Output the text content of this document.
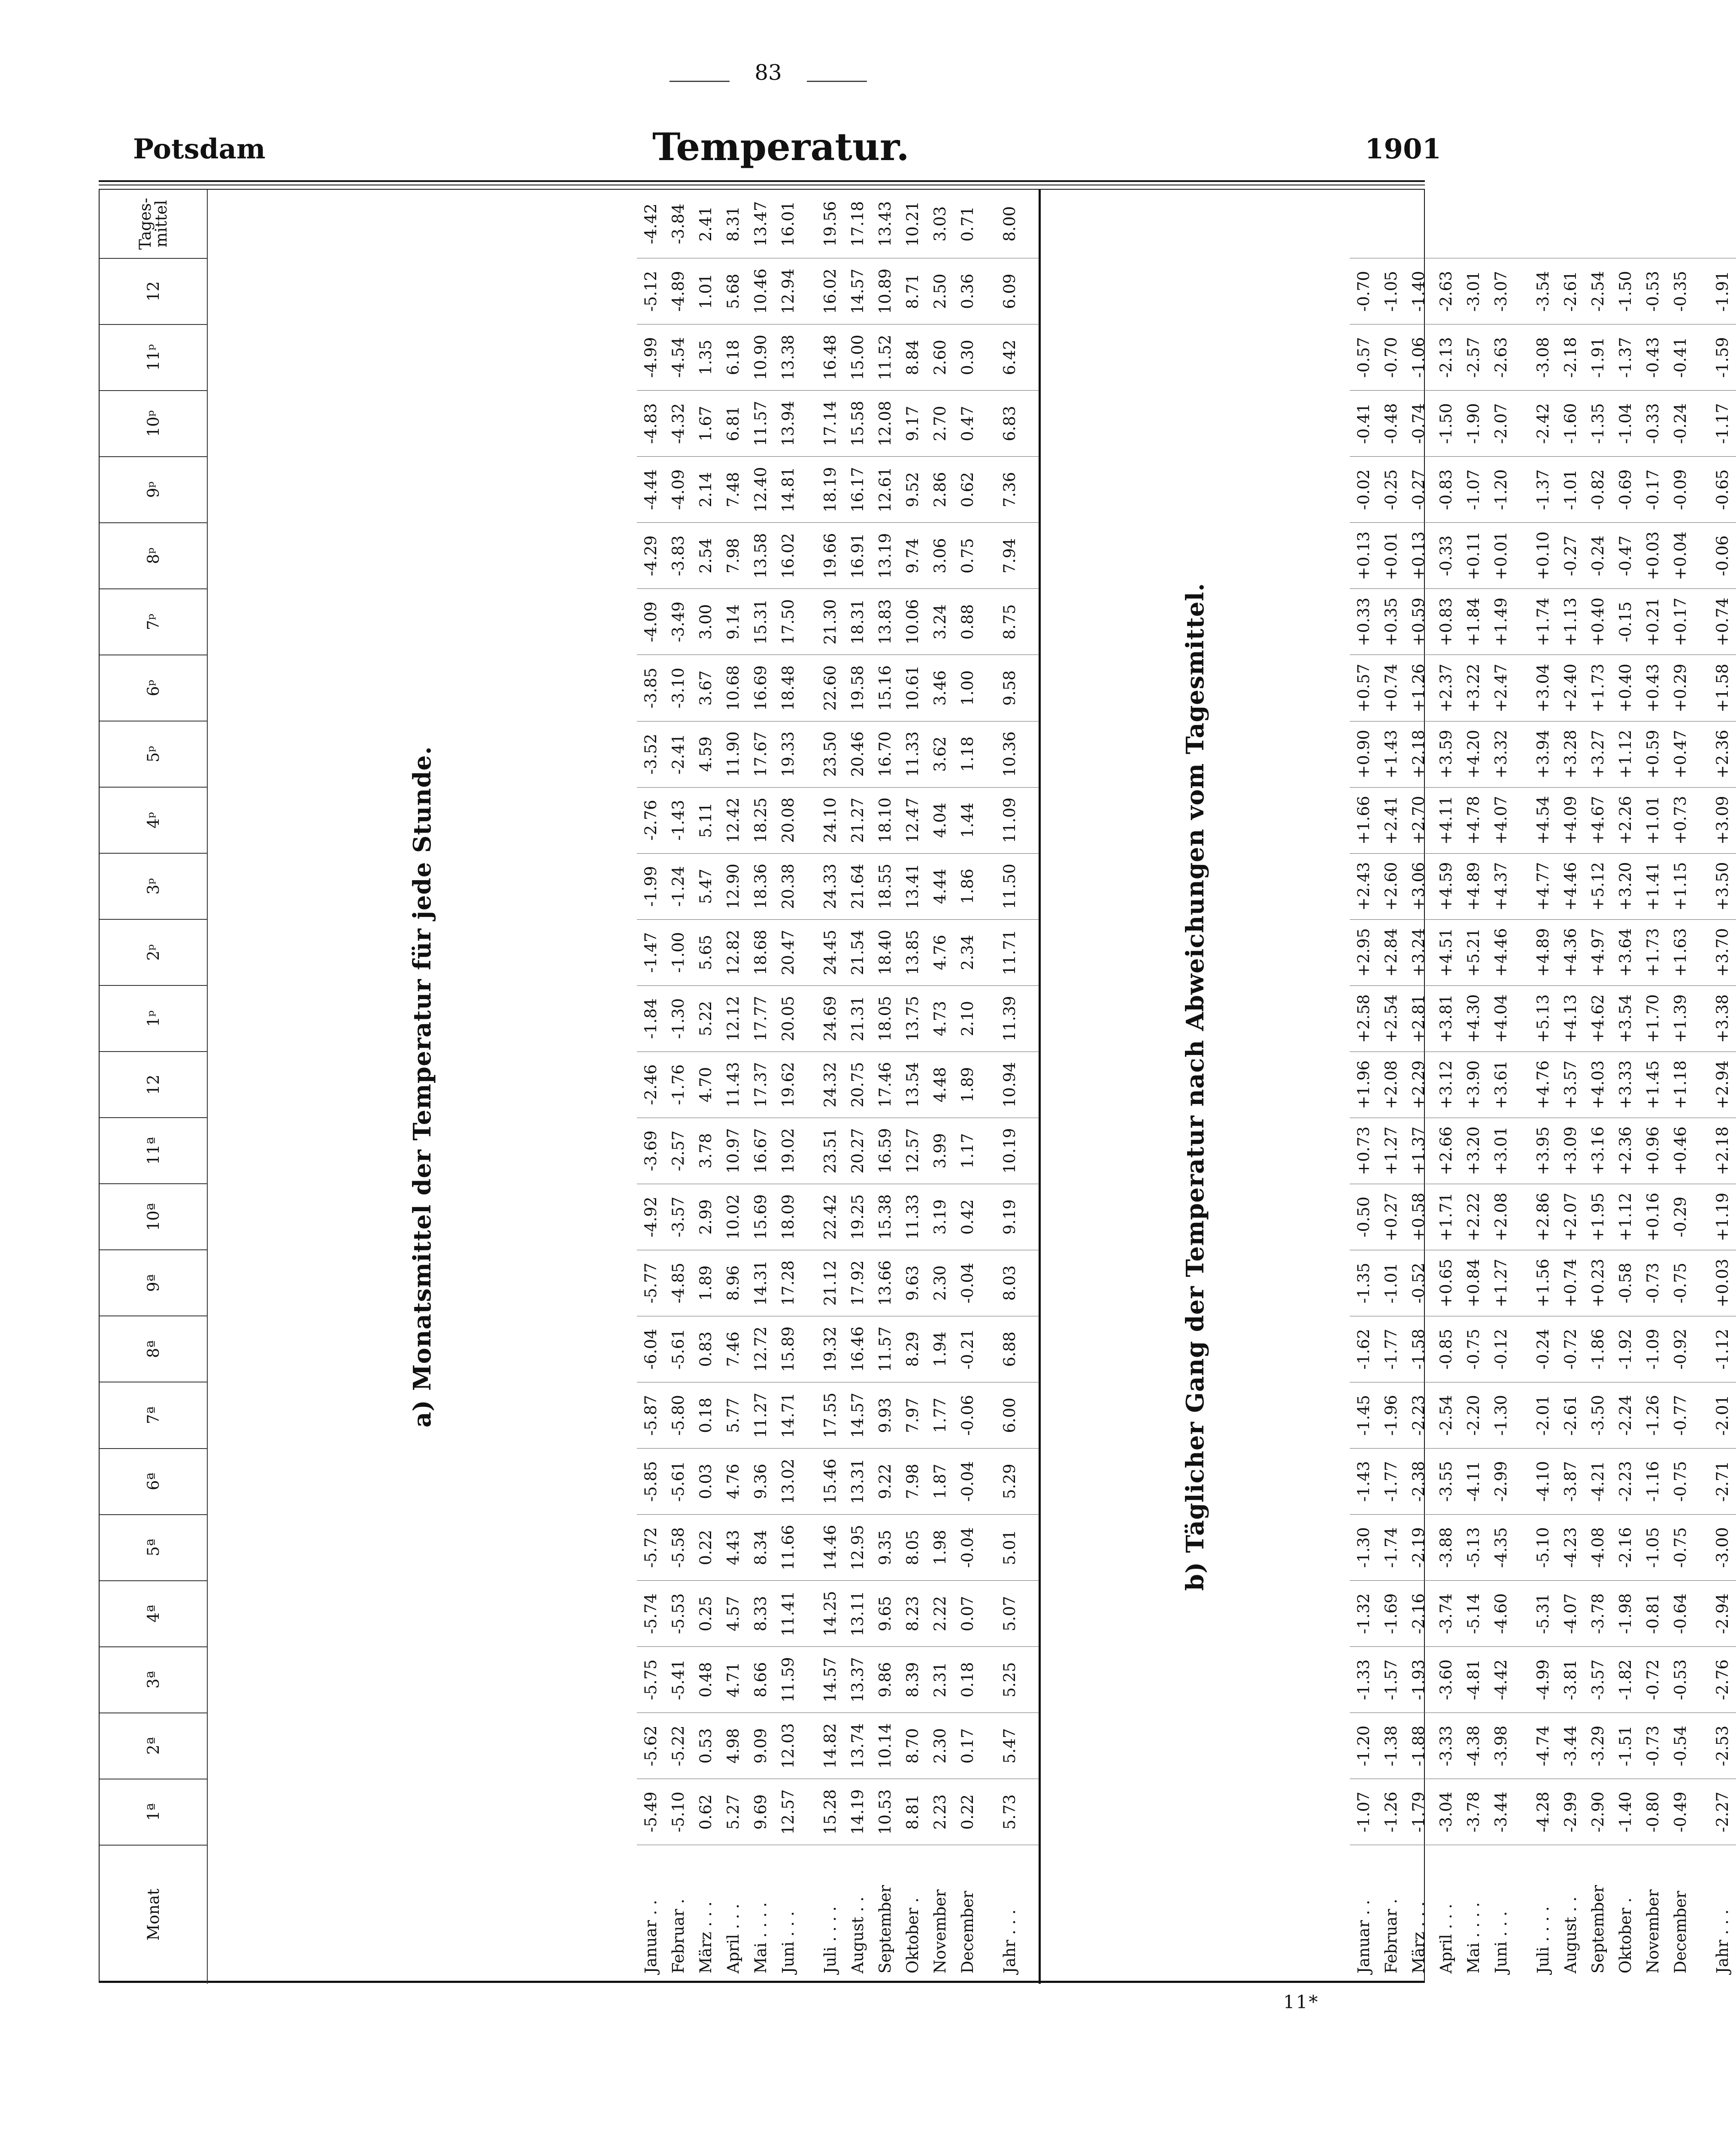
83
Potsdam	Temperatur.	1901
Monat	1ª	2ª	3ª	4ª	5ª	6ª	7ª	8ª	9ª	10ª	11ª	12	1ᵖ	2ᵖ	3ᵖ	4ᵖ	5ᵖ	6ᵖ	7ᵖ	8ᵖ	9ᵖ	10ᵖ	11ᵖ	12	Tages-mittel
a) Monatsmittel der Temperatur für jede Stunde.																									
Januar . .	-5.49	-5.62	-5.75	-5.74	-5.72	-5.85	-5.87	-6.04	-5.77	-4.92	-3.69	-2.46	-1.84	-1.47	-1.99	-2.76	-3.52	-3.85	-4.09	-4.29	-4.44	-4.83	-4.99	-5.12	-4.42
Februar .	-5.10	-5.22	-5.41	-5.53	-5.58	-5.61	-5.80	-5.61	-4.85	-3.57	-2.57	-1.76	-1.30	-1.00	-1.24	-1.43	-2.41	-3.10	-3.49	-3.83	-4.09	-4.32	-4.54	-4.89	-3.84
März . . .	0.62	0.53	0.48	0.25	0.22	0.03	0.18	0.83	1.89	2.99	3.78	4.70	5.22	5.65	5.47	5.11	4.59	3.67	3.00	2.54	2.14	1.67	1.35	1.01	2.41
April . . .	5.27	4.98	4.71	4.57	4.43	4.76	5.77	7.46	8.96	10.02	10.97	11.43	12.12	12.82	12.90	12.42	11.90	10.68	9.14	7.98	7.48	6.81	6.18	5.68	8.31
Mai . . . .	9.69	9.09	8.66	8.33	8.34	9.36	11.27	12.72	14.31	15.69	16.67	17.37	17.77	18.68	18.36	18.25	17.67	16.69	15.31	13.58	12.40	11.57	10.90	10.46	13.47
Juni . . .	12.57	12.03	11.59	11.41	11.66	13.02	14.71	15.89	17.28	18.09	19.02	19.62	20.05	20.47	20.38	20.08	19.33	18.48	17.50	16.02	14.81	13.94	13.38	12.94	16.01

Juli . . . .	15.28	14.82	14.57	14.25	14.46	15.46	17.55	19.32	21.12	22.42	23.51	24.32	24.69	24.45	24.33	24.10	23.50	22.60	21.30	19.66	18.19	17.14	16.48	16.02	19.56
August . .	14.19	13.74	13.37	13.11	12.95	13.31	14.57	16.46	17.92	19.25	20.27	20.75	21.31	21.54	21.64	21.27	20.46	19.58	18.31	16.91	16.17	15.58	15.00	14.57	17.18
September	10.53	10.14	9.86	9.65	9.35	9.22	9.93	11.57	13.66	15.38	16.59	17.46	18.05	18.40	18.55	18.10	16.70	15.16	13.83	13.19	12.61	12.08	11.52	10.89	13.43
Oktober .	8.81	8.70	8.39	8.23	8.05	7.98	7.97	8.29	9.63	11.33	12.57	13.54	13.75	13.85	13.41	12.47	11.33	10.61	10.06	9.74	9.52	9.17	8.84	8.71	10.21
November	2.23	2.30	2.31	2.22	1.98	1.87	1.77	1.94	2.30	3.19	3.99	4.48	4.73	4.76	4.44	4.04	3.62	3.46	3.24	3.06	2.86	2.70	2.60	2.50	3.03
December	0.22	0.17	0.18	0.07	-0.04	-0.04	-0.06	-0.21	-0.04	0.42	1.17	1.89	2.10	2.34	1.86	1.44	1.18	1.00	0.88	0.75	0.62	0.47	0.30	0.36	0.71

Jahr . . .	5.73	5.47	5.25	5.07	5.01	5.29	6.00	6.88	8.03	9.19	10.19	10.94	11.39	11.71	11.50	11.09	10.36	9.58	8.75	7.94	7.36	6.83	6.42	6.09	8.00

b) Täglicher Gang der Temperatur nach Abweichungen vom Tagesmittel.																									
Januar . .	-1.07	-1.20	-1.33	-1.32	-1.30	-1.43	-1.45	-1.62	-1.35	-0.50	+0.73	+1.96	+2.58	+2.95	+2.43	+1.66	+0.90	+0.57	+0.33	+0.13	-0.02	-0.41	-0.57	-0.70	
Februar .	-1.26	-1.38	-1.57	-1.69	-1.74	-1.77	-1.96	-1.77	-1.01	+0.27	+1.27	+2.08	+2.54	+2.84	+2.60	+2.41	+1.43	+0.74	+0.35	+0.01	-0.25	-0.48	-0.70	-1.05	
März . . .	-1.79	-1.88	-1.93	-2.16	-2.19	-2.38	-2.23	-1.58	-0.52	+0.58	+1.37	+2.29	+2.81	+3.24	+3.06	+2.70	+2.18	+1.26	+0.59	+0.13	-0.27	-0.74	-1.06	-1.40	
April . . .	-3.04	-3.33	-3.60	-3.74	-3.88	-3.55	-2.54	-0.85	+0.65	+1.71	+2.66	+3.12	+3.81	+4.51	+4.59	+4.11	+3.59	+2.37	+0.83	-0.33	-0.83	-1.50	-2.13	-2.63	
Mai . . . .	-3.78	-4.38	-4.81	-5.14	-5.13	-4.11	-2.20	-0.75	+0.84	+2.22	+3.20	+3.90	+4.30	+5.21	+4.89	+4.78	+4.20	+3.22	+1.84	+0.11	-1.07	-1.90	-2.57	-3.01	
Juni . . .	-3.44	-3.98	-4.42	-4.60	-4.35	-2.99	-1.30	-0.12	+1.27	+2.08	+3.01	+3.61	+4.04	+4.46	+4.37	+4.07	+3.32	+2.47	+1.49	+0.01	-1.20	-2.07	-2.63	-3.07	

Juli . . . .	-4.28	-4.74	-4.99	-5.31	-5.10	-4.10	-2.01	-0.24	+1.56	+2.86	+3.95	+4.76	+5.13	+4.89	+4.77	+4.54	+3.94	+3.04	+1.74	+0.10	-1.37	-2.42	-3.08	-3.54	
August . .	-2.99	-3.44	-3.81	-4.07	-4.23	-3.87	-2.61	-0.72	+0.74	+2.07	+3.09	+3.57	+4.13	+4.36	+4.46	+4.09	+3.28	+2.40	+1.13	-0.27	-1.01	-1.60	-2.18	-2.61	
September	-2.90	-3.29	-3.57	-3.78	-4.08	-4.21	-3.50	-1.86	+0.23	+1.95	+3.16	+4.03	+4.62	+4.97	+5.12	+4.67	+3.27	+1.73	+0.40	-0.24	-0.82	-1.35	-1.91	-2.54	
Oktober .	-1.40	-1.51	-1.82	-1.98	-2.16	-2.23	-2.24	-1.92	-0.58	+1.12	+2.36	+3.33	+3.54	+3.64	+3.20	+2.26	+1.12	+0.40	-0.15	-0.47	-0.69	-1.04	-1.37	-1.50	
November	-0.80	-0.73	-0.72	-0.81	-1.05	-1.16	-1.26	-1.09	-0.73	+0.16	+0.96	+1.45	+1.70	+1.73	+1.41	+1.01	+0.59	+0.43	+0.21	+0.03	-0.17	-0.33	-0.43	-0.53	
December	-0.49	-0.54	-0.53	-0.64	-0.75	-0.75	-0.77	-0.92	-0.75	-0.29	+0.46	+1.18	+1.39	+1.63	+1.15	+0.73	+0.47	+0.29	+0.17	+0.04	-0.09	-0.24	-0.41	-0.35	

Jahr . . .	-2.27	-2.53	-2.76	-2.94	-3.00	-2.71	-2.01	-1.12	+0.03	+1.19	+2.18	+2.94	+3.38	+3.70	+3.50	+3.09	+2.36	+1.58	+0.74	-0.06	-0.65	-1.17	-1.59	-1.91	
11*
